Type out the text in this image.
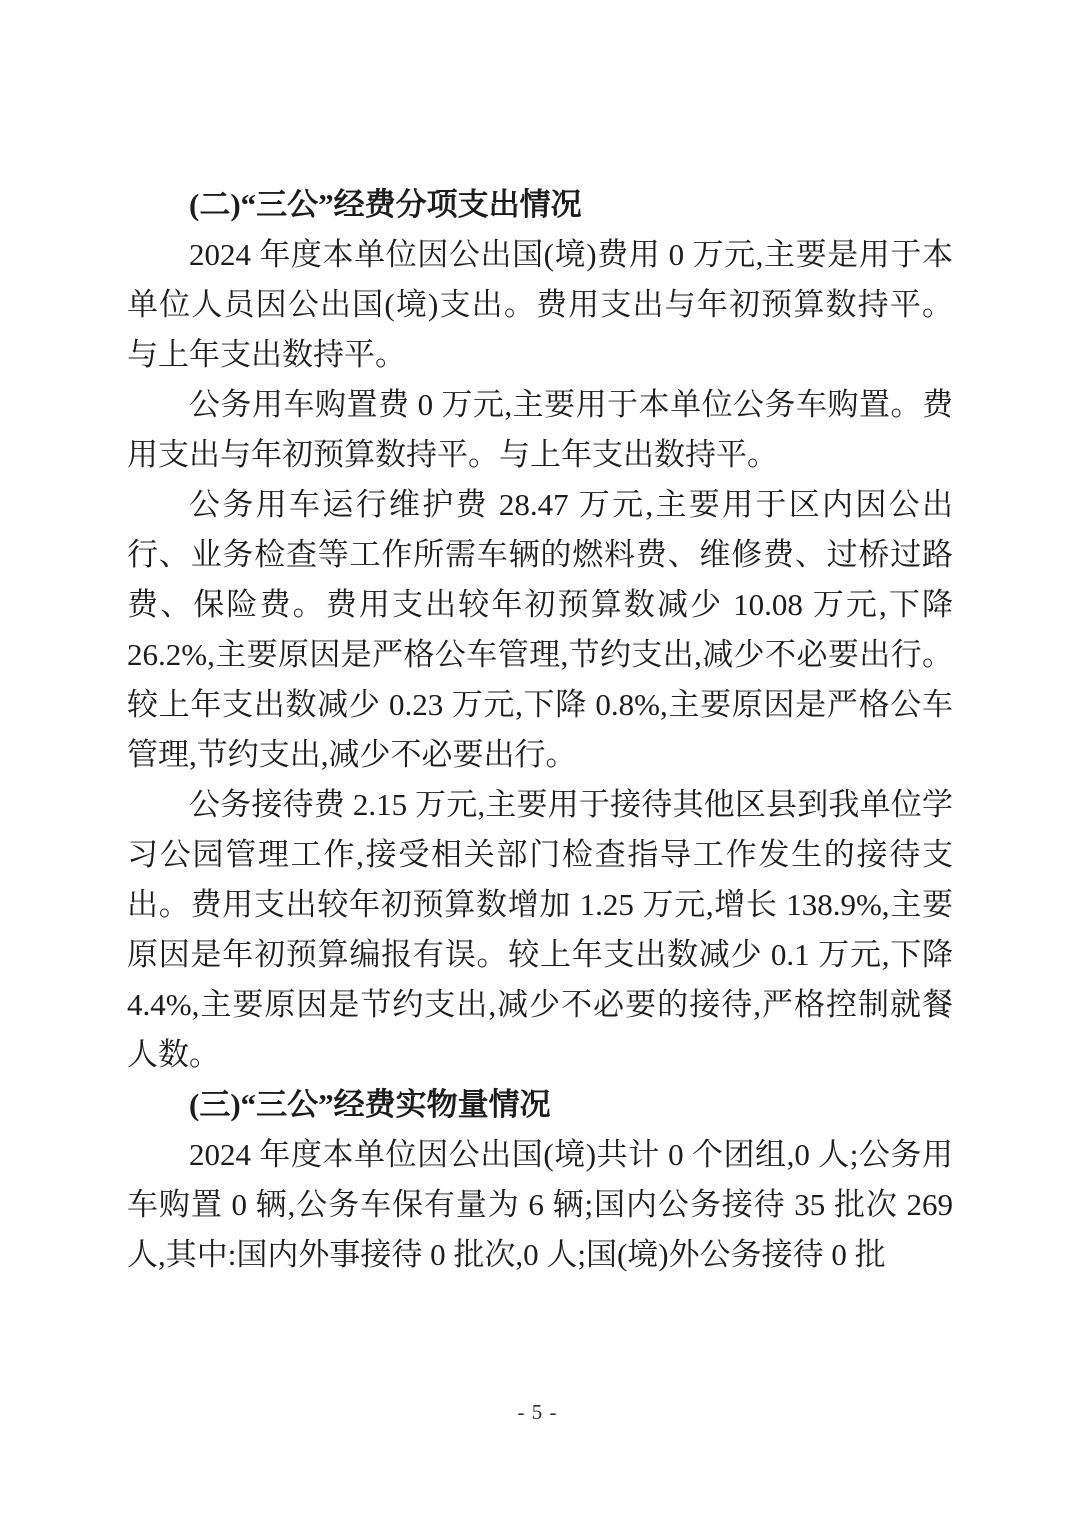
(二)“三公”经费分项支出情况

2024 年度本单位因公出国(境)费用 0 万元,主要是用于本单位人员因公出国(境)支出。费用支出与年初预算数持平。与上年支出数持平。

公务用车购置费 0 万元,主要用于本单位公务车购置。费用支出与年初预算数持平。与上年支出数持平。

公务用车运行维护费 28.47 万元,主要用于区内因公出行、业务检查等工作所需车辆的燃料费、维修费、过桥过路费、保险费。费用支出较年初预算数减少 10.08 万元,下降 26.2%,主要原因是严格公车管理,节约支出,减少不必要出行。较上年支出数减少 0.23 万元,下降 0.8%,主要原因是严格公车管理,节约支出,减少不必要出行。

公务接待费 2.15 万元,主要用于接待其他区县到我单位学习公园管理工作,接受相关部门检查指导工作发生的接待支出。费用支出较年初预算数增加 1.25 万元,增长 138.9%,主要原因是年初预算编报有误。较上年支出数减少 0.1 万元,下降 4.4%,主要原因是节约支出,减少不必要的接待,严格控制就餐人数。

(三)“三公”经费实物量情况

2024 年度本单位因公出国(境)共计 0 个团组,0 人;公务用车购置 0 辆,公务车保有量为 6 辆;国内公务接待 35 批次 269 人,其中:国内外事接待 0 批次,0 人;国(境)外公务接待 0 批

- 5 -
